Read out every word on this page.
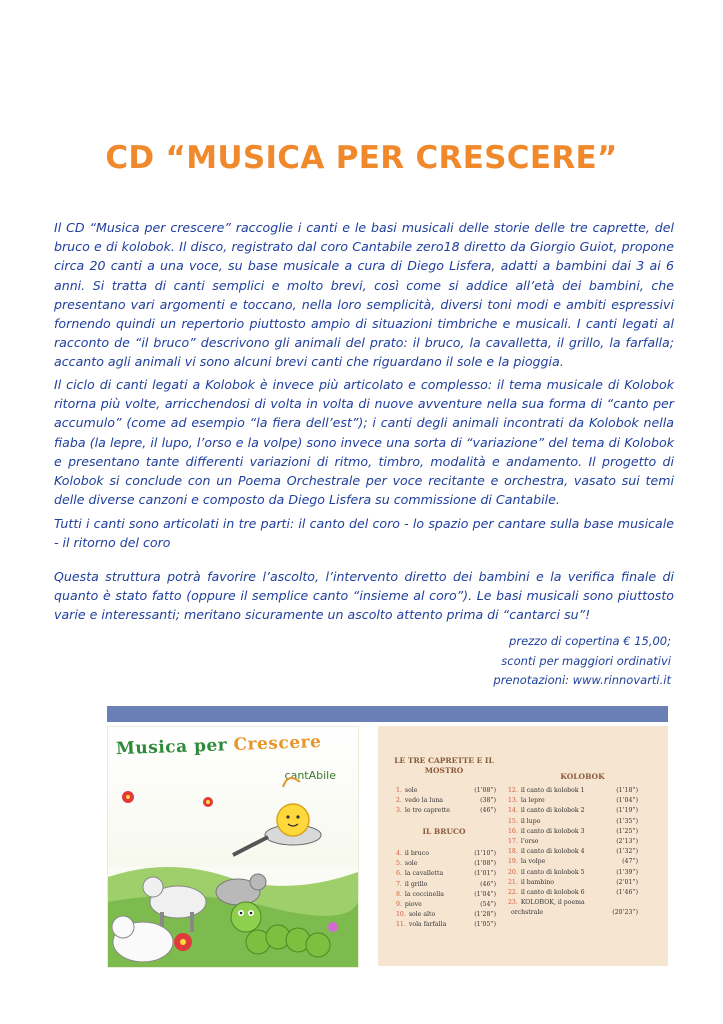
CD “MUSICA PER CRESCERE”

Il CD “Musica per crescere” raccoglie i canti e le basi musicali delle storie delle tre caprette, del bruco e di kolobok. Il disco, registrato dal coro Cantabile zero18 diretto da Giorgio Guiot, propone circa 20 canti a una voce, su base musicale a cura di Diego Lisfera, adatti a bambini dai 3 ai 6 anni. Si tratta di canti semplici e molto brevi, così come si addice all’età dei bambini, che presentano vari argomenti e toccano, nella loro semplicità, diversi toni modi e ambiti espressivi fornendo quindi un repertorio piuttosto ampio di situazioni timbriche e musicali. I canti legati al racconto de “il bruco” descrivono gli animali del prato: il bruco, la cavalletta, il grillo, la farfalla; accanto agli animali vi sono alcuni brevi canti che riguardano il sole e la pioggia.

Il ciclo di canti legati a Kolobok è invece più articolato e complesso: il tema musicale di Kolobok ritorna più volte, arricchendosi di volta in volta di nuove avventure nella sua forma di “canto per accumulo” (come ad esempio “la fiera dell’est”); i canti degli animali incontrati da Kolobok nella fiaba (la lepre, il lupo, l’orso e la volpe) sono invece una sorta di “variazione” del tema di Kolobok e presentano tante differenti variazioni di ritmo, timbro, modalità e andamento. Il progetto di Kolobok si conclude con un Poema Orchestrale per voce recitante e orchestra, vasato sui temi delle diverse canzoni e composto da Diego Lisfera su commissione di Cantabile.

Tutti i canti sono articolati in tre parti: il canto del coro - lo spazio per cantare sulla base musicale - il ritorno del coro

Questa struttura potrà favorire l’ascolto, l’intervento diretto dei bambini e la verifica finale di quanto è stato fatto (oppure il semplice canto “insieme al coro”). Le basi musicali sono piuttosto varie e interessanti; meritano sicuramente un ascolto attento prima di “cantarci su”!

prezzo di copertina € 15,00;
sconti per maggiori ordinativi
prenotazioni: www.rinnovarti.it
Musica per Crescere
cantAbile
LE TRE CAPRETTE E IL MOSTRO
1. sole	(1’08”)
2. vedo la luna	(38”)
3. le tre caprette	(46”)
IL BRUCO
4. il bruco	(1’10”)
5. sole	(1’08”)
6. la cavalletta	(1’01”)
7. il grillo	(46”)
8. la coccinella	(1’04”)
9. piove	(54”)
10. sole alto	(1’28”)
11. vola farfalla	(1’05”)
KOLOBOK
12. il canto di kolobok 1	(1’18”)
13. la lepre	(1’04”)
14. il canto di kolobok 2	(1’19”)
15. il lupo	(1’35”)
16. il canto di kolobok 3	(1’25”)
17. l’orso	(2’13”)
18. il canto di kolobok 4	(1’32”)
19. la volpe	(47”)
20. il canto di kolobok 5	(1’39”)
21. il bambino	(2’01”)
22. il canto di kolobok 6	(1’46”)
23. KOLOBOK, il poema
orchstrale	(20’23”)
